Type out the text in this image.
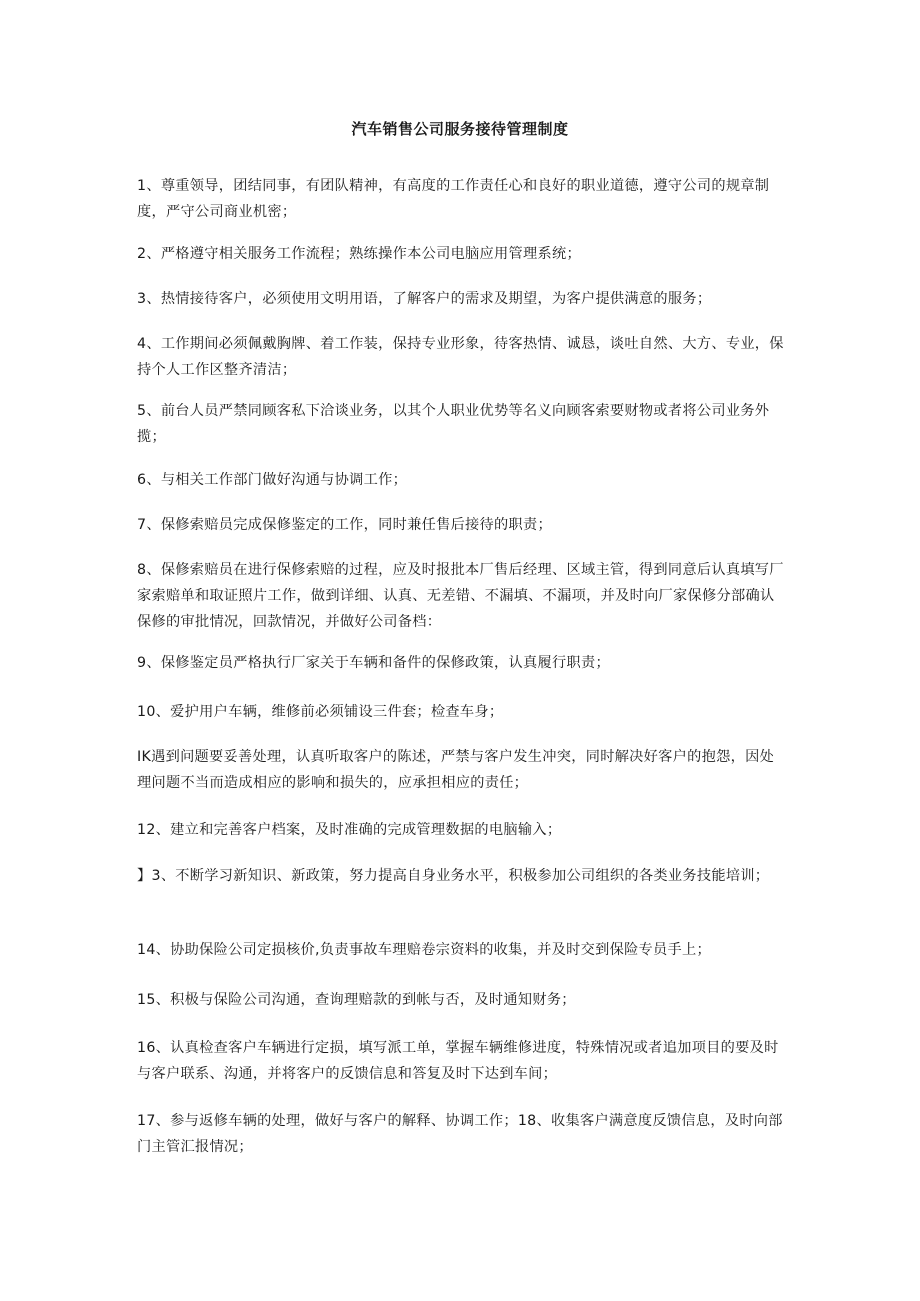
汽车销售公司服务接待管理制度

1、尊重领导，团结同事，有团队精神，有高度的工作责任心和良好的职业道德，遵守公司的规章制度，严守公司商业机密；

2、严格遵守相关服务工作流程；熟练操作本公司电脑应用管理系统；

3、热情接待客户，必须使用文明用语，了解客户的需求及期望，为客户提供满意的服务；

4、工作期间必须佩戴胸牌、着工作装，保持专业形象，待客热情、诚恳，谈吐自然、大方、专业，保持个人工作区整齐清洁；

5、前台人员严禁同顾客私下洽谈业务，以其个人职业优势等名义向顾客索要财物或者将公司业务外揽；

6、与相关工作部门做好沟通与协调工作；

7、保修索赔员完成保修鉴定的工作，同时兼任售后接待的职责；

8、保修索赔员在进行保修索赔的过程，应及时报批本厂售后经理、区域主管，得到同意后认真填写厂家索赔单和取证照片工作，做到详细、认真、无差错、不漏填、不漏项，并及时向厂家保修分部确认保修的审批情况，回款情况，并做好公司备档：

9、保修鉴定员严格执行厂家关于车辆和备件的保修政策，认真履行职责；

10、爱护用户车辆，维修前必须铺设三件套；检查车身；

IK遇到问题要妥善处理，认真听取客户的陈述，严禁与客户发生冲突，同时解决好客户的抱怨，因处理问题不当而造成相应的影响和损失的，应承担相应的责任；

12、建立和完善客户档案，及时准确的完成管理数据的电脑输入；

】3、不断学习新知识、新政策，努力提高自身业务水平，积极参加公司组织的各类业务技能培训；

14、协助保险公司定损核价,负责事故车理赔卷宗资料的收集，并及时交到保险专员手上；

15、积极与保险公司沟通，查询理赔款的到帐与否，及时通知财务；

16、认真检查客户车辆进行定损，填写派工单，掌握车辆维修进度，特殊情况或者追加项目的要及时与客户联系、沟通，并将客户的反馈信息和答复及时下达到车间；

17、参与返修车辆的处理，做好与客户的解释、协调工作；18、收集客户满意度反馈信息，及时向部门主管汇报情况；
